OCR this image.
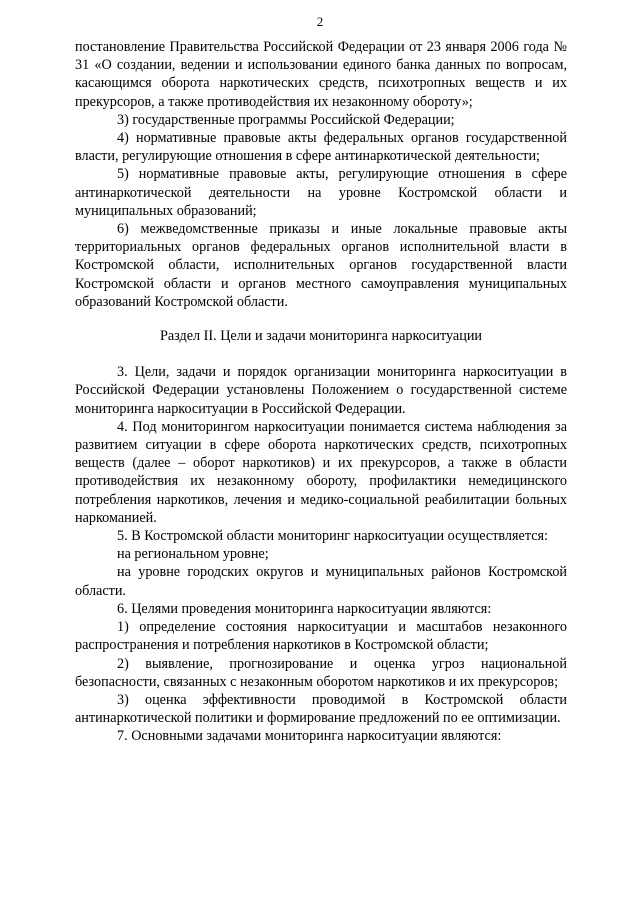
2

постановление Правительства Российской Федерации от 23 января 2006 года № 31 «О создании, ведении и использовании единого банка данных по вопросам, касающимся оборота наркотических средств, психотропных веществ и их прекурсоров, а также противодействия их незаконному обороту»;

3) государственные программы Российской Федерации;

4) нормативные правовые акты федеральных органов государственной власти, регулирующие отношения в сфере антинаркотической деятельности;

5) нормативные правовые акты, регулирующие отношения в сфере антинаркотической деятельности на уровне Костромской области и муниципальных образований;

6) межведомственные приказы и иные локальные правовые акты территориальных органов федеральных органов исполнительной власти в Костромской области, исполнительных органов государственной власти Костромской области и органов местного самоуправления муниципальных образований Костромской области.

Раздел II. Цели и задачи мониторинга наркоситуации

3. Цели, задачи и порядок организации мониторинга наркоситуации в Российской Федерации установлены Положением о государственной системе мониторинга наркоситуации в Российской Федерации.

4. Под мониторингом наркоситуации понимается система наблюдения за развитием ситуации в сфере оборота наркотических средств, психотропных веществ (далее – оборот наркотиков) и их прекурсоров, а также в области противодействия их незаконному обороту, профилактики немедицинского потребления наркотиков, лечения и медико-социальной реабилитации больных наркоманией.

5. В Костромской области мониторинг наркоситуации осуществляется:

на региональном уровне;

на уровне городских округов и муниципальных районов Костромской области.

6. Целями проведения мониторинга наркоситуации являются:

1) определение состояния наркоситуации и масштабов незаконного распространения и потребления наркотиков в Костромской области;

2) выявление, прогнозирование и оценка угроз национальной безопасности, связанных с незаконным оборотом наркотиков и их прекурсоров;

3) оценка эффективности проводимой в Костромской области антинаркотической политики и формирование предложений по ее оптимизации.

7. Основными задачами мониторинга наркоситуации являются:
